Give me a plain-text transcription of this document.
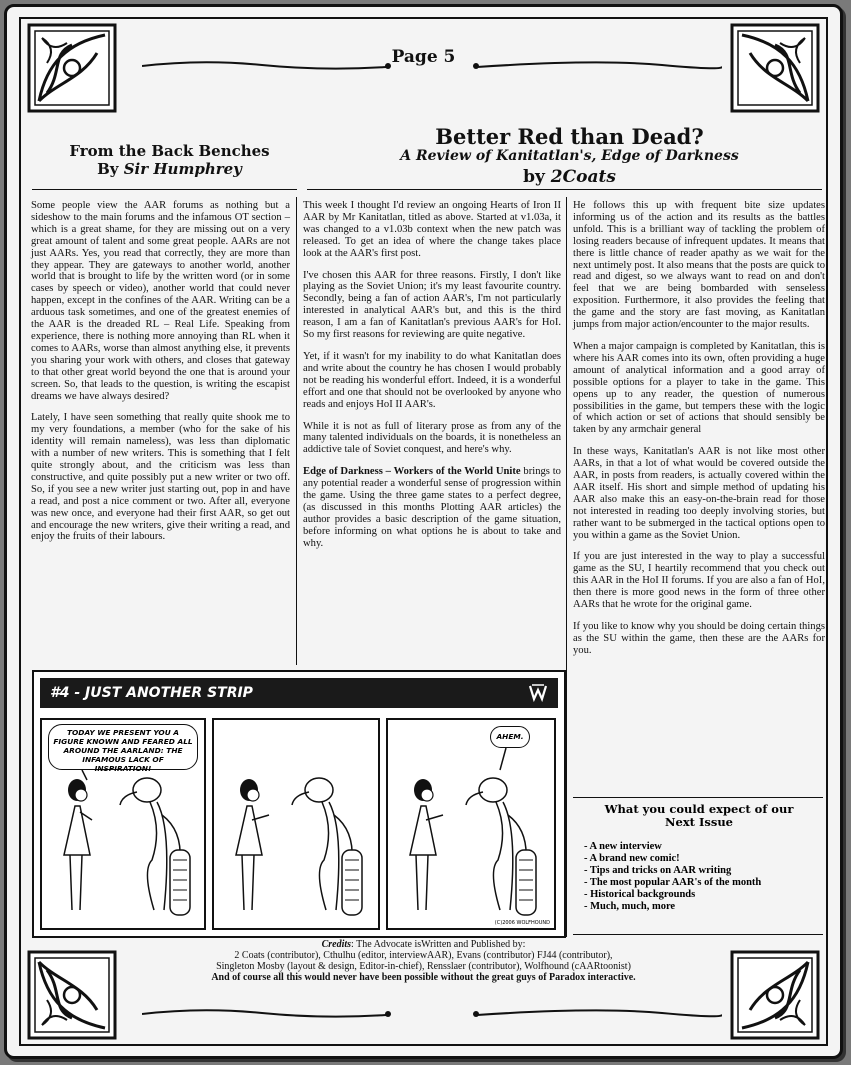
Page 5
From the Back Benches
By Sir Humphrey
Better Red than Dead?
A Review of Kanitatlan's, Edge of Darkness
by 2Coats

Some people view the AAR forums as nothing but a sideshow to the main forums and the infamous OT section – which is a great shame, for they are missing out on a very great amount of talent and some great people. AARs are not just AARs. Yes, you read that correctly, they are more than they appear. They are gateways to another world, another world that is brought to life by the written word (or in some cases by speech or video), another world that could never happen, except in the confines of the AAR. Writing can be a arduous task sometimes, and one of the greatest enemies of the AAR is the dreaded RL – Real Life. Speaking from experience, there is nothing more annoying than RL when it comes to AARs, worse than almost anything else, it prevents you sharing your work with others, and closes that gateway to that other great world beyond the one that is around your screen. So, that leads to the question, is writing the escapist dreams we have always desired?

Lately, I have seen something that really quite shook me to my very foundations, a member (who for the sake of his identity will remain nameless), was less than diplomatic with a number of new writers. This is something that I felt quite strongly about, and the criticism was less than constructive, and quite possibly put a new writer or two off. So, if you see a new writer just starting out, pop in and have a read, and post a nice comment or two. After all, everyone was new once, and everyone had their first AAR, so get out and encourage the new writers, give their writing a read, and enjoy the fruits of their labours.

This week I thought I'd review an ongoing Hearts of Iron II AAR by Mr Kanitatlan, titled as above. Started at v1.03a, it was changed to a v1.03b context when the new patch was released. To get an idea of where the change takes place look at the AAR's first post.

I've chosen this AAR for three reasons. Firstly, I don't like playing as the Soviet Union; it's my least favourite country. Secondly, being a fan of action AAR's, I'm not particularly interested in analytical AAR's but, and this is the third reason, I am a fan of Kanitatlan's previous AAR's for HoI. So my first reasons for reviewing are quite negative.

Yet, if it wasn't for my inability to do what Kanitatlan does and write about the country he has chosen I would probably not be reading his wonderful effort. Indeed, it is a wonderful effort and one that should not be overlooked by anyone who reads and enjoys HoI II AAR's.

While it is not as full of literary prose as from any of the many talented individuals on the boards, it is nonetheless an addictive tale of Soviet conquest, and here's why.

Edge of Darkness – Workers of the World Unite brings to any potential reader a wonderful sense of progression within the game. Using the three game states to a perfect degree, (as discussed in this months Plotting AAR articles) the author provides a basic description of the game situation, before informing on what options he is about to take and why.

He follows this up with frequent bite size updates informing us of the action and its results as the battles unfold. This is a brilliant way of tackling the problem of losing readers because of infrequent updates. It means that there is little chance of reader apathy as we wait for the next untimely post. It also means that the posts are quick to read and digest, so we always want to read on and don't feel that we are being bombarded with senseless exposition. Furthermore, it also provides the feeling that the game and the story are fast moving, as Kanitatlan jumps from major action/encounter to the major results.

When a major campaign is completed by Kanitatlan, this is where his AAR comes into its own, often providing a huge amount of analytical information and a good array of possible options for a player to take in the game. This opens up to any reader, the question of numerous possibilities in the game, but tempers these with the logic of which action or set of actions that should sensibly be taken by any armchair general

In these ways, Kanitatlan's AAR is not like most other AARs, in that a lot of what would be covered outside the AAR, in posts from readers, is actually covered within the AAR itself. His short and simple method of updating his AAR also make this an easy-on-the-brain read for those not interested in reading too deeply involving stories, but rather want to be submerged in the tactical options open to you within a game as the Soviet Union.

If you are just interested in the way to play a successful game as the SU, I heartily recommend that you check out this AAR in the HoI II forums. If you are also a fan of HoI, then there is more good news in the form of three other AARs that he wrote for the original game.

If you like to know why you should be doing certain things as the SU within the game, then these are the AARs for you.

#4 - JUST ANOTHER STRIP
TODAY WE PRESENT YOU A FIGURE KNOWN AND FEARED ALL AROUND THE AARLAND: THE INFAMOUS LACK OF INSPIRATION!
AHEM.
(C)2006 WOLFHOUND
What you could expect of our
Next Issue
- A new interview
- A brand new comic!
- Tips and tricks on AAR writing
- The most popular AAR's of the month
- Historical backgrounds
- Much, much, more
Credits: The Advocate isWritten and Published by:
2 Coats (contributor), Cthulhu (editor, interviewAAR), Evans (contributor) FJ44 (contributor),
Singleton Mosby (layout & design, Editor-in-chief), Rensslaer (contributor), Wolfhound (cAARtoonist)
And of course all this would never have been possible without the great guys of Paradox interactive.
